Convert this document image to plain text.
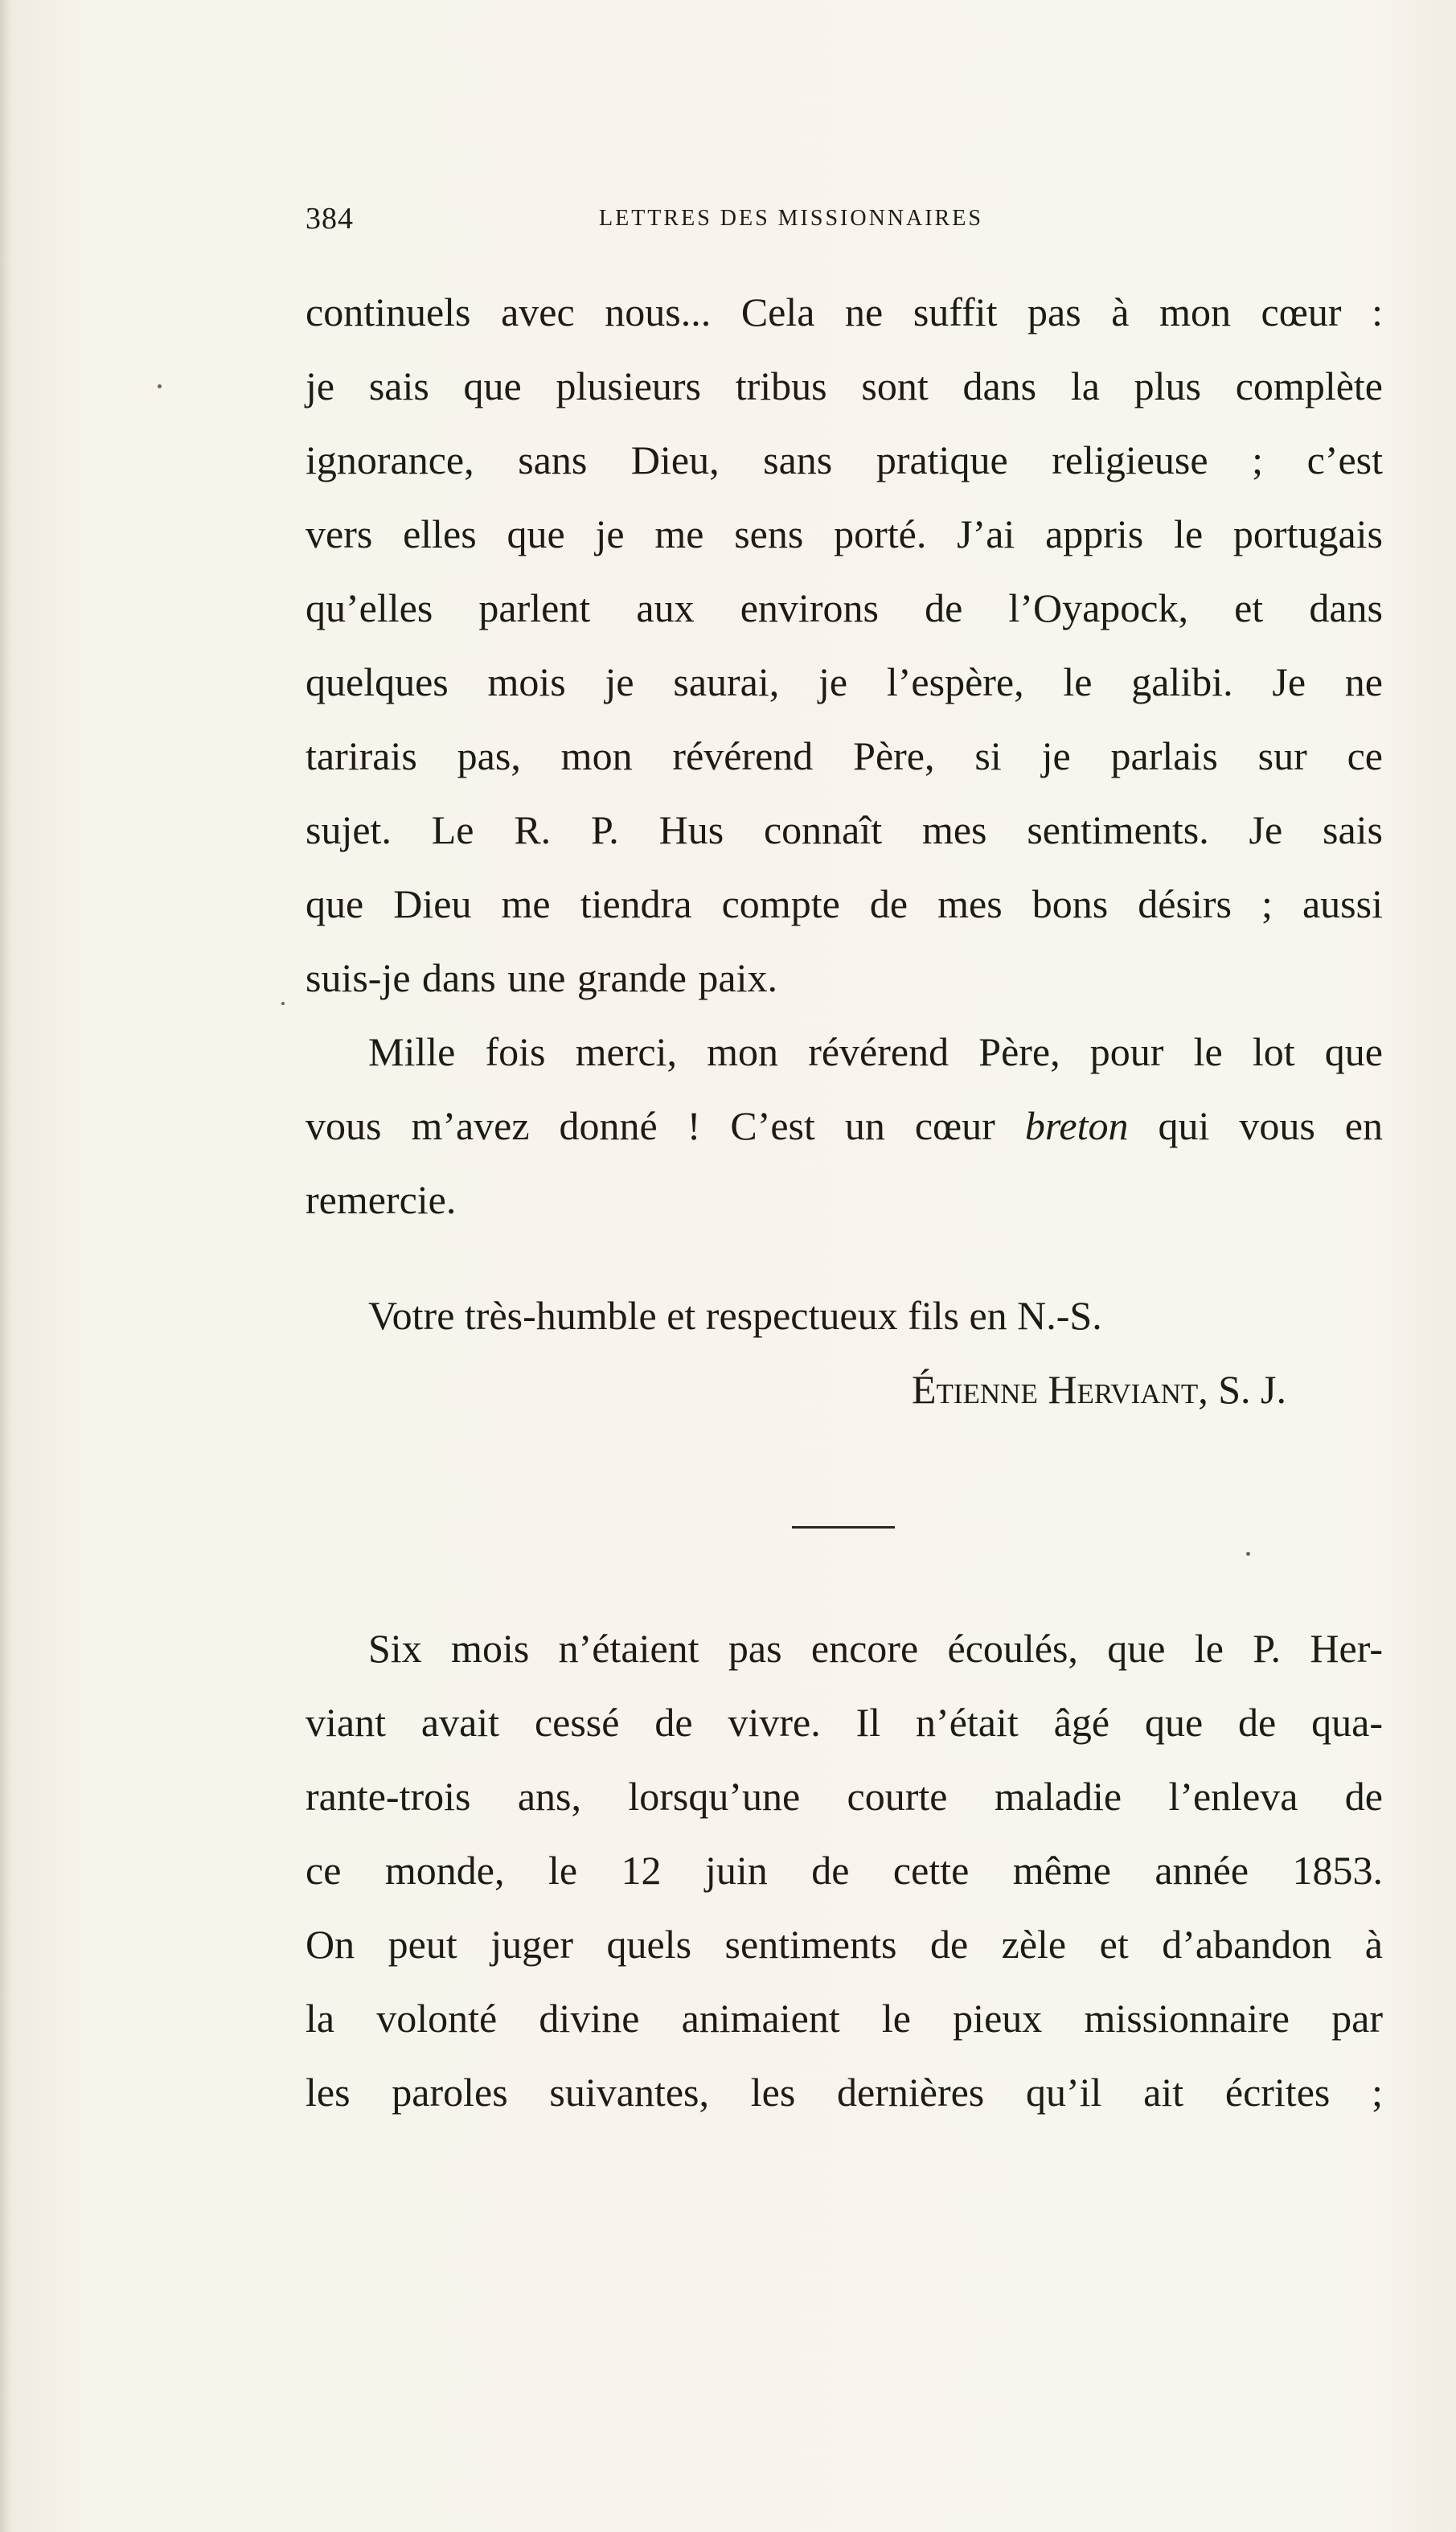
384	LETTRES DES MISSIONNAIRES
continuels avec nous... Cela ne suffit pas à mon cœur :
je sais que plusieurs tribus sont dans la plus complète
ignorance, sans Dieu, sans pratique religieuse ; c’est
vers elles que je me sens porté. J’ai appris le portugais
qu’elles parlent aux environs de l’Oyapock, et dans
quelques mois je saurai, je l’espère, le galibi. Je ne
tarirais pas, mon révérend Père, si je parlais sur ce
sujet. Le R. P. Hus connaît mes sentiments. Je sais
que Dieu me tiendra compte de mes bons désirs ; aussi
suis-je dans une grande paix.
Mille fois merci, mon révérend Père, pour le lot que
vous m’avez donné ! C’est un cœur breton qui vous en
remercie.
Votre très-humble et respectueux fils en N.-S.
Étienne Herviant, S. J.
Six mois n’étaient pas encore écoulés, que le P. Her-
viant avait cessé de vivre. Il n’était âgé que de qua-
rante-trois ans, lorsqu’une courte maladie l’enleva de
ce monde, le 12 juin de cette même année 1853.
On peut juger quels sentiments de zèle et d’abandon à
la volonté divine animaient le pieux missionnaire par
les paroles suivantes, les dernières qu’il ait écrites ;
